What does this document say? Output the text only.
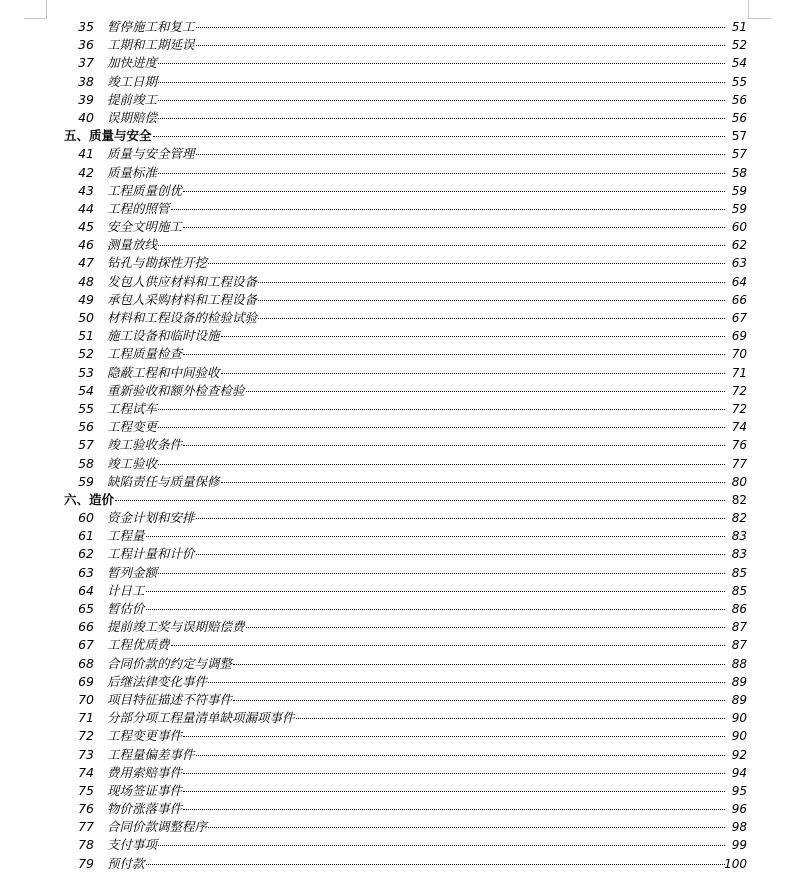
35 暂停施工和复工	51
36 工期和工期延误	52
37 加快进度	54
38 竣工日期	55
39 提前竣工	56
40 误期赔偿	56
五、质量与安全	57
41 质量与安全管理	57
42 质量标准	58
43 工程质量创优	59
44 工程的照管	59
45 安全文明施工	60
46 测量放线	62
47 钻孔与勘探性开挖	63
48 发包人供应材料和工程设备	64
49 承包人采购材料和工程设备	66
50 材料和工程设备的检验试验	67
51 施工设备和临时设施	69
52 工程质量检查	70
53 隐蔽工程和中间验收	71
54 重新验收和额外检查检验	72
55 工程试车	72
56 工程变更	74
57 竣工验收条件	76
58 竣工验收	77
59 缺陷责任与质量保修	80
六、造价	82
60 资金计划和安排	82
61 工程量	83
62 工程计量和计价	83
63 暂列金额	85
64 计日工	85
65 暂估价	86
66 提前竣工奖与误期赔偿费	87
67 工程优质费	87
68 合同价款的约定与调整	88
69 后继法律变化事件	89
70 项目特征描述不符事件	89
71 分部分项工程量清单缺项漏项事件	90
72 工程变更事件	90
73 工程量偏差事件	92
74 费用索赔事件	94
75 现场签证事件	95
76 物价涨落事件	96
77 合同价款调整程序	98
78 支付事项	99
79 预付款	100
